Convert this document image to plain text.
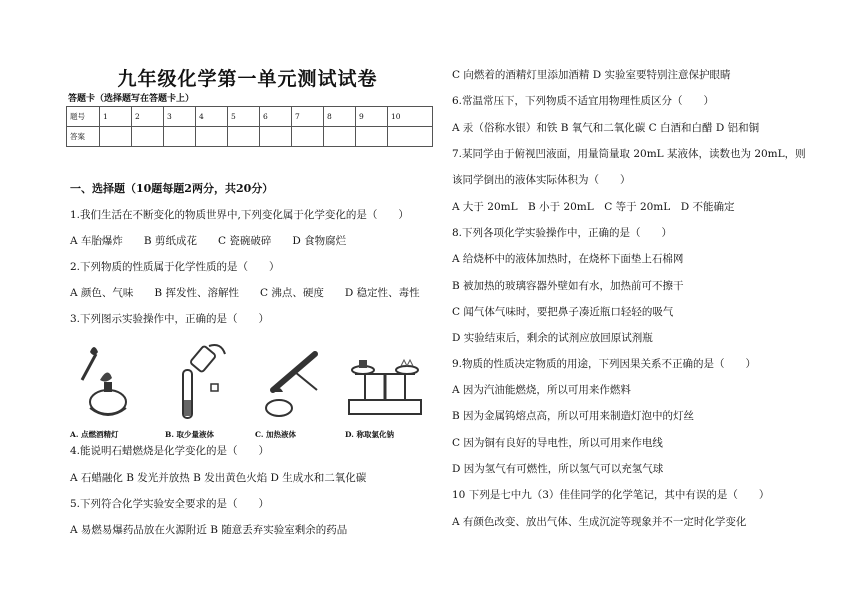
九年级化学第一单元测试试卷
答题卡（选择题写在答题卡上）
题号	1	2	3	4	5	6	7	8	9	10
答案										
一、选择题（10题每题2两分，共20分）
1.我们生活在不断变化的物质世界中,下列变化属于化学变化的是（　　）
A 车胎爆炸　　B 剪纸成花　　C 瓷碗破碎　　D 食物腐烂
2.下列物质的性质属于化学性质的是（　　）
A 颜色、气味　　B 挥发性、溶解性　　C 沸点、硬度　　D 稳定性、毒性
3.下列图示实验操作中，正确的是（　　）
A. 点燃酒精灯	B. 取少量液体	C. 加热液体	D. 称取氯化钠
4.能说明石蜡燃烧是化学变化的是（　　）
A 石蜡融化 B 发光并放热 B 发出黄色火焰 D 生成水和二氧化碳
5.下列符合化学实验安全要求的是（　　）
A 易燃易爆药品放在火源附近 B 随意丢弃实验室剩余的药品
C 向燃着的酒精灯里添加酒精 D 实验室要特别注意保护眼睛
6.常温常压下，下列物质不适宜用物理性质区分（　　）
A 汞（俗称水银）和铁 B 氧气和二氧化碳 C 白酒和白醋 D 铝和铜
7.某同学由于俯视凹液面，用量筒量取 20mL 某液体，读数也为 20mL，则
该同学倒出的液体实际体积为（　　）
A 大于 20mL　B 小于 20mL　C 等于 20mL　D 不能确定
8.下列各项化学实验操作中，正确的是（　　）
A 给烧杯中的液体加热时，在烧杯下面垫上石棉网
B 被加热的玻璃容器外壁如有水，加热前可不擦干
C 闻气体气味时，要把鼻子凑近瓶口轻轻的吸气
D 实验结束后，剩余的试剂应放回原试剂瓶
9.物质的性质决定物质的用途，下列因果关系不正确的是（　　）
A 因为汽油能燃烧，所以可用来作燃料
B 因为金属钨熔点高，所以可用来制造灯泡中的灯丝
C 因为铜有良好的导电性，所以可用来作电线
D 因为氢气有可燃性，所以氢气可以充氢气球
10 下列是七中九（3）佳佳同学的化学笔记，其中有误的是（　　）
A 有颜色改变、放出气体、生成沉淀等现象并不一定时化学变化
